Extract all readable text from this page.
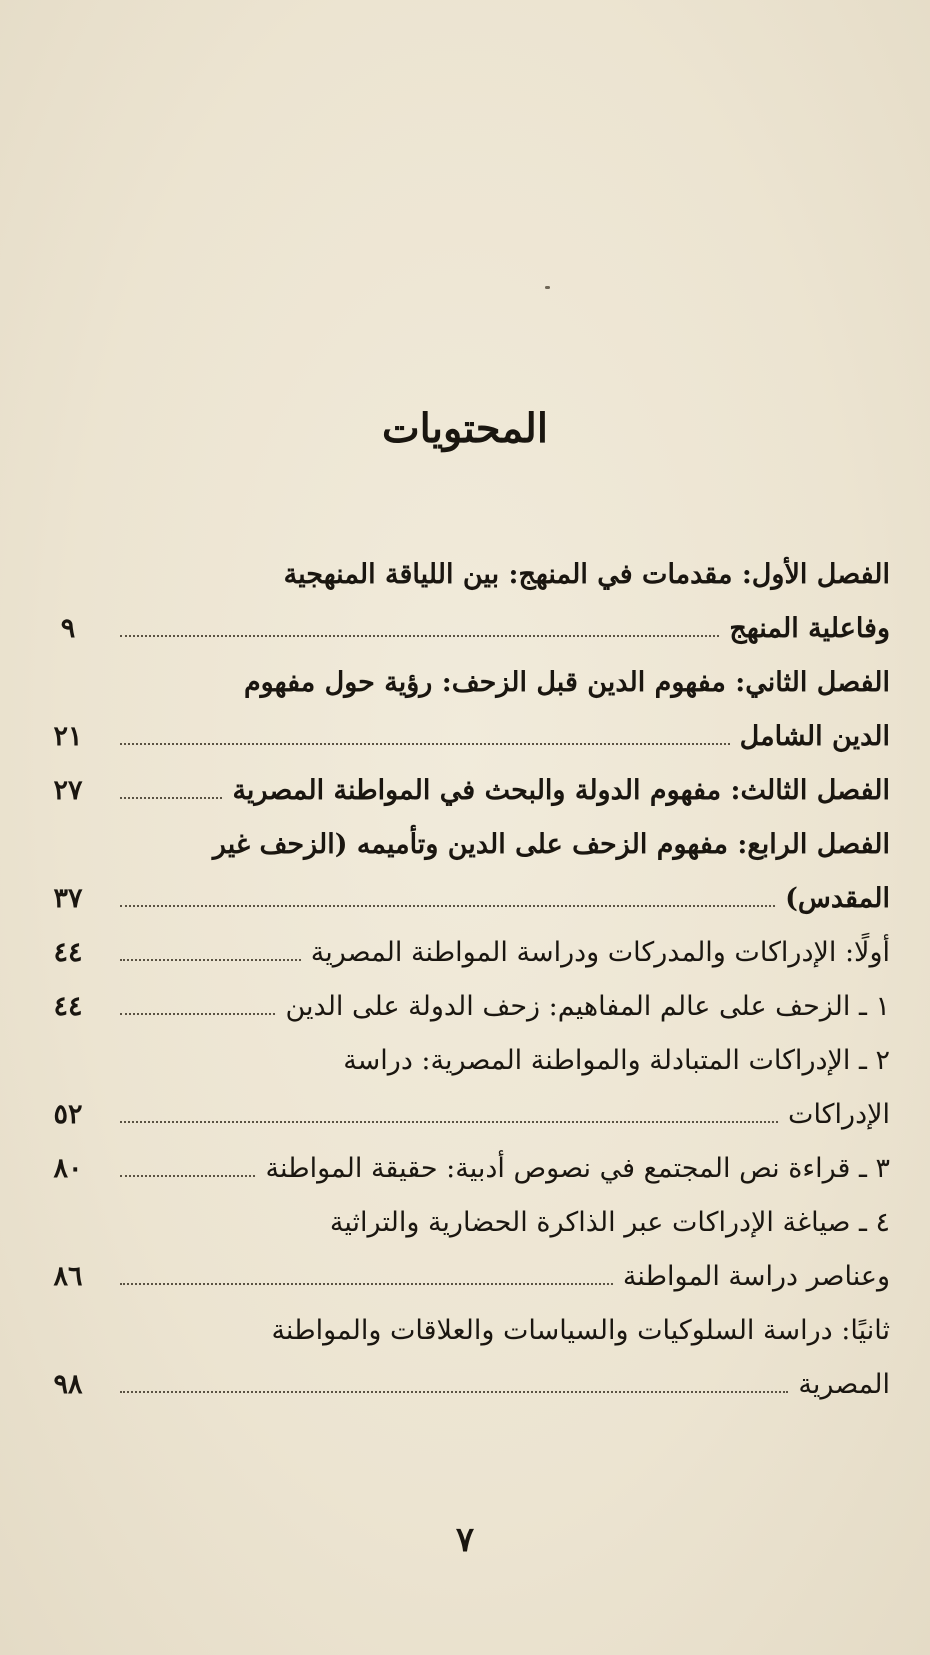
المحتويات
الفصل الأول: مقدمات في المنهج: بين اللياقة المنهجية
وفاعلية المنهج
٩
الفصل الثاني: مفهوم الدين قبل الزحف: رؤية حول مفهوم
الدين الشامل
٢١
الفصل الثالث: مفهوم الدولة والبحث في المواطنة المصرية
٢٧
الفصل الرابع: مفهوم الزحف على الدين وتأميمه (الزحف غير
المقدس)
٣٧
أولًا: الإدراكات والمدركات ودراسة المواطنة المصرية
٤٤
١ ـ الزحف على عالم المفاهيم: زحف الدولة على الدين
٤٤
٢ ـ الإدراكات المتبادلة والمواطنة المصرية: دراسة
الإدراكات
٥٢
٣ ـ قراءة نص المجتمع في نصوص أدبية: حقيقة المواطنة
٨٠
٤ ـ صياغة الإدراكات عبر الذاكرة الحضارية والتراثية
وعناصر دراسة المواطنة
٨٦
ثانيًا: دراسة السلوكيات والسياسات والعلاقات والمواطنة
المصرية
٩٨
٧
